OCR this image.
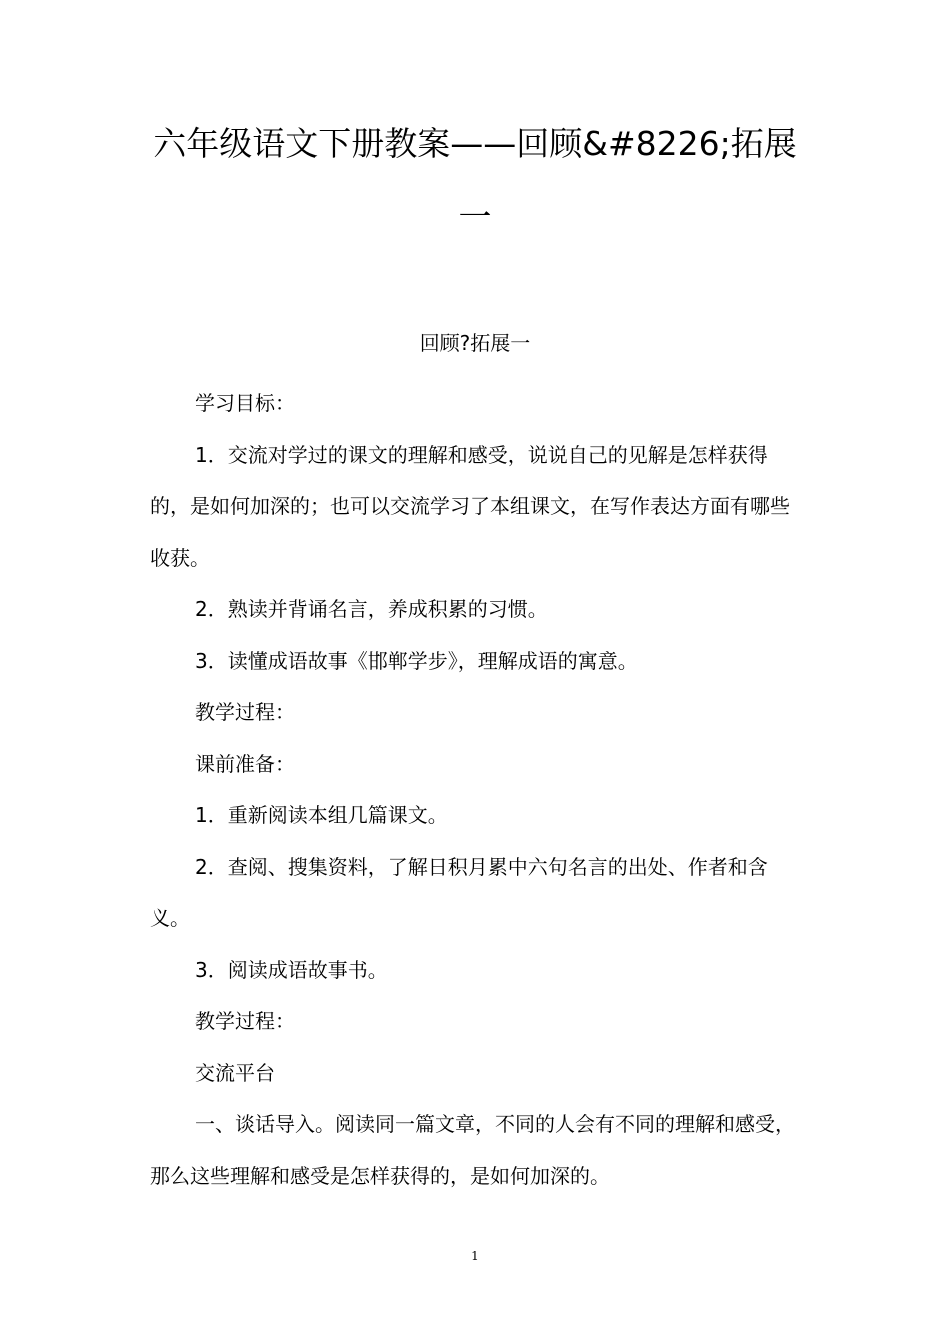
六年级语文下册教案——回顾&#8226;拓展
一
回顾?拓展一

学习目标：

1．交流对学过的课文的理解和感受，说说自己的见解是怎样获得的，是如何加深的；也可以交流学习了本组课文，在写作表达方面有哪些收获。

2．熟读并背诵名言，养成积累的习惯。

3．读懂成语故事《邯郸学步》，理解成语的寓意。

教学过程：

课前准备：

1．重新阅读本组几篇课文。

2．查阅、搜集资料，了解日积月累中六句名言的出处、作者和含义。

3．阅读成语故事书。

教学过程：

交流平台

一、谈话导入。阅读同一篇文章，不同的人会有不同的理解和感受，那么这些理解和感受是怎样获得的，是如何加深的。

1
